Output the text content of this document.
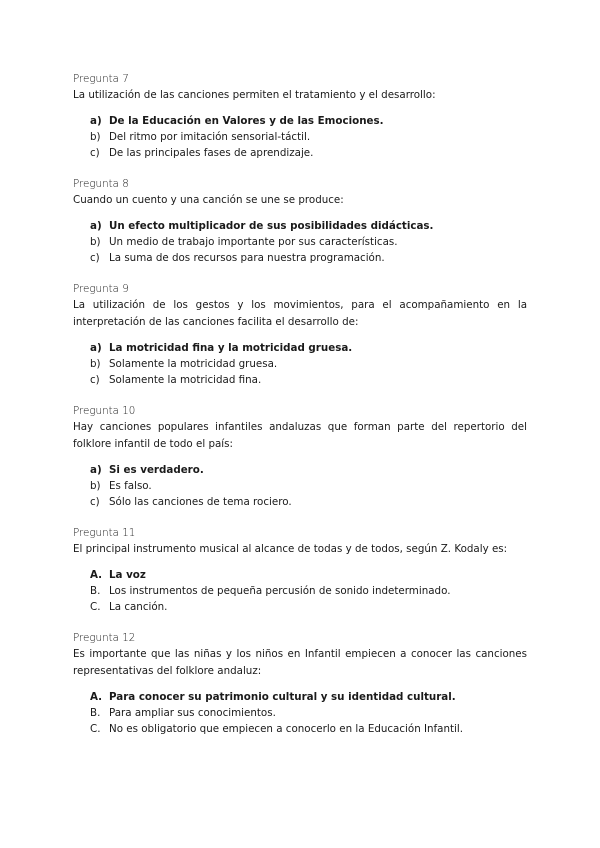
Pregunta 7
La utilización de las canciones permiten el tratamiento y el desarrollo:
a) De la Educación en Valores y de las Emociones.
b) Del ritmo por imitación sensorial-táctil.
c) De las principales fases de aprendizaje.
Pregunta 8
Cuando un cuento y una canción se une se produce:
a) Un efecto multiplicador de sus posibilidades didácticas.
b) Un medio de trabajo importante por sus características.
c) La suma de dos recursos para nuestra programación.
Pregunta 9
La utilización de los gestos y los movimientos, para el acompañamiento en la interpretación de las canciones facilita el desarrollo de:
a) La motricidad fina y la motricidad gruesa.
b) Solamente la motricidad gruesa.
c) Solamente la motricidad fina.
Pregunta 10
Hay canciones populares infantiles andaluzas que forman parte del repertorio del folklore infantil de todo el país:
a) Si es verdadero.
b) Es falso.
c) Sólo las canciones de tema rociero.
Pregunta 11
El principal instrumento musical al alcance de todas y de todos, según Z. Kodaly es:
A. La voz
B. Los instrumentos de pequeña percusión de sonido indeterminado.
C. La canción.
Pregunta 12
Es importante que las niñas y los niños en Infantil empiecen a conocer las canciones representativas del folklore andaluz:
A. Para conocer su patrimonio cultural y su identidad cultural.
B. Para ampliar sus conocimientos.
C. No es obligatorio que empiecen a conocerlo en la Educación Infantil.
